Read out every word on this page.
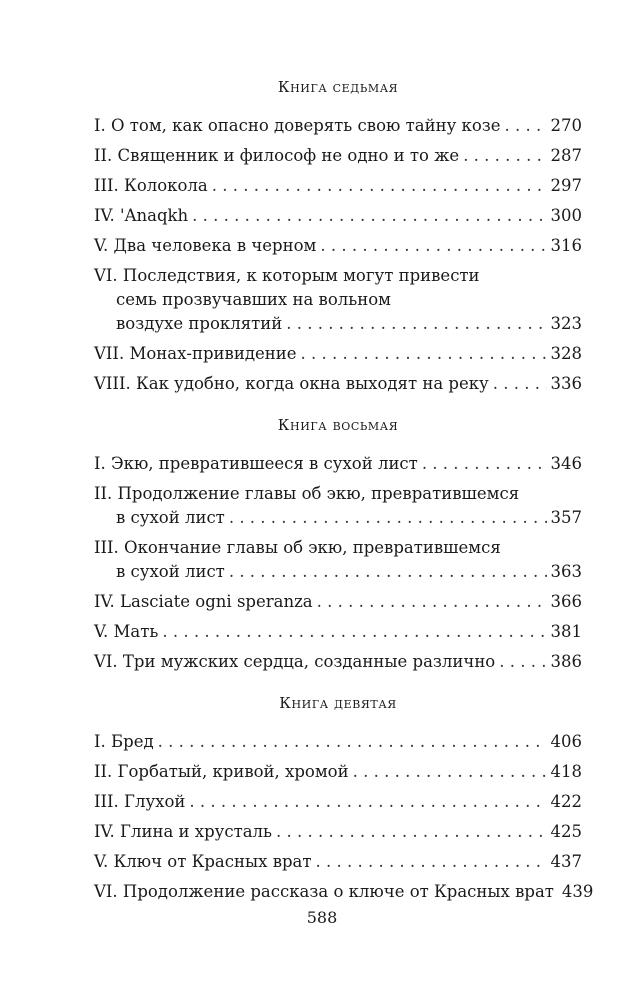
Книга седьмая
I. О том, как опасно доверять свою тайну козе . . .	270
II. Священник и философ не одно и то же . . .	287
III. Колокола . . .	297
IV. 'Anaqkh . . .	300
V. Два человека в черном . . .	316
VI. Последствия, к которым могут привести
семь прозвучавших на вольном
воздухе проклятий . . .	323
VII. Монах-привидение . . .	328
VIII. Как удобно, когда окна выходят на реку . . .	336
Книга восьмая
I. Экю, превратившееся в сухой лист . . .	346
II. Продолжение главы об экю, превратившемся
в сухой лист . . .	357
III. Окончание главы об экю, превратившемся
в сухой лист . . .	363
IV. Lasciate ogni speranza . . .	366
V. Мать . . .	381
VI. Три мужских сердца, созданные различно . . .	386
Книга девятая
I. Бред . . .	406
II. Горбатый, кривой, хромой . . .	418
III. Глухой . . .	422
IV. Глина и хрусталь . . .	425
V. Ключ от Красных врат . . .	437
VI. Продолжение рассказа о ключе от Красных врат 439
588
